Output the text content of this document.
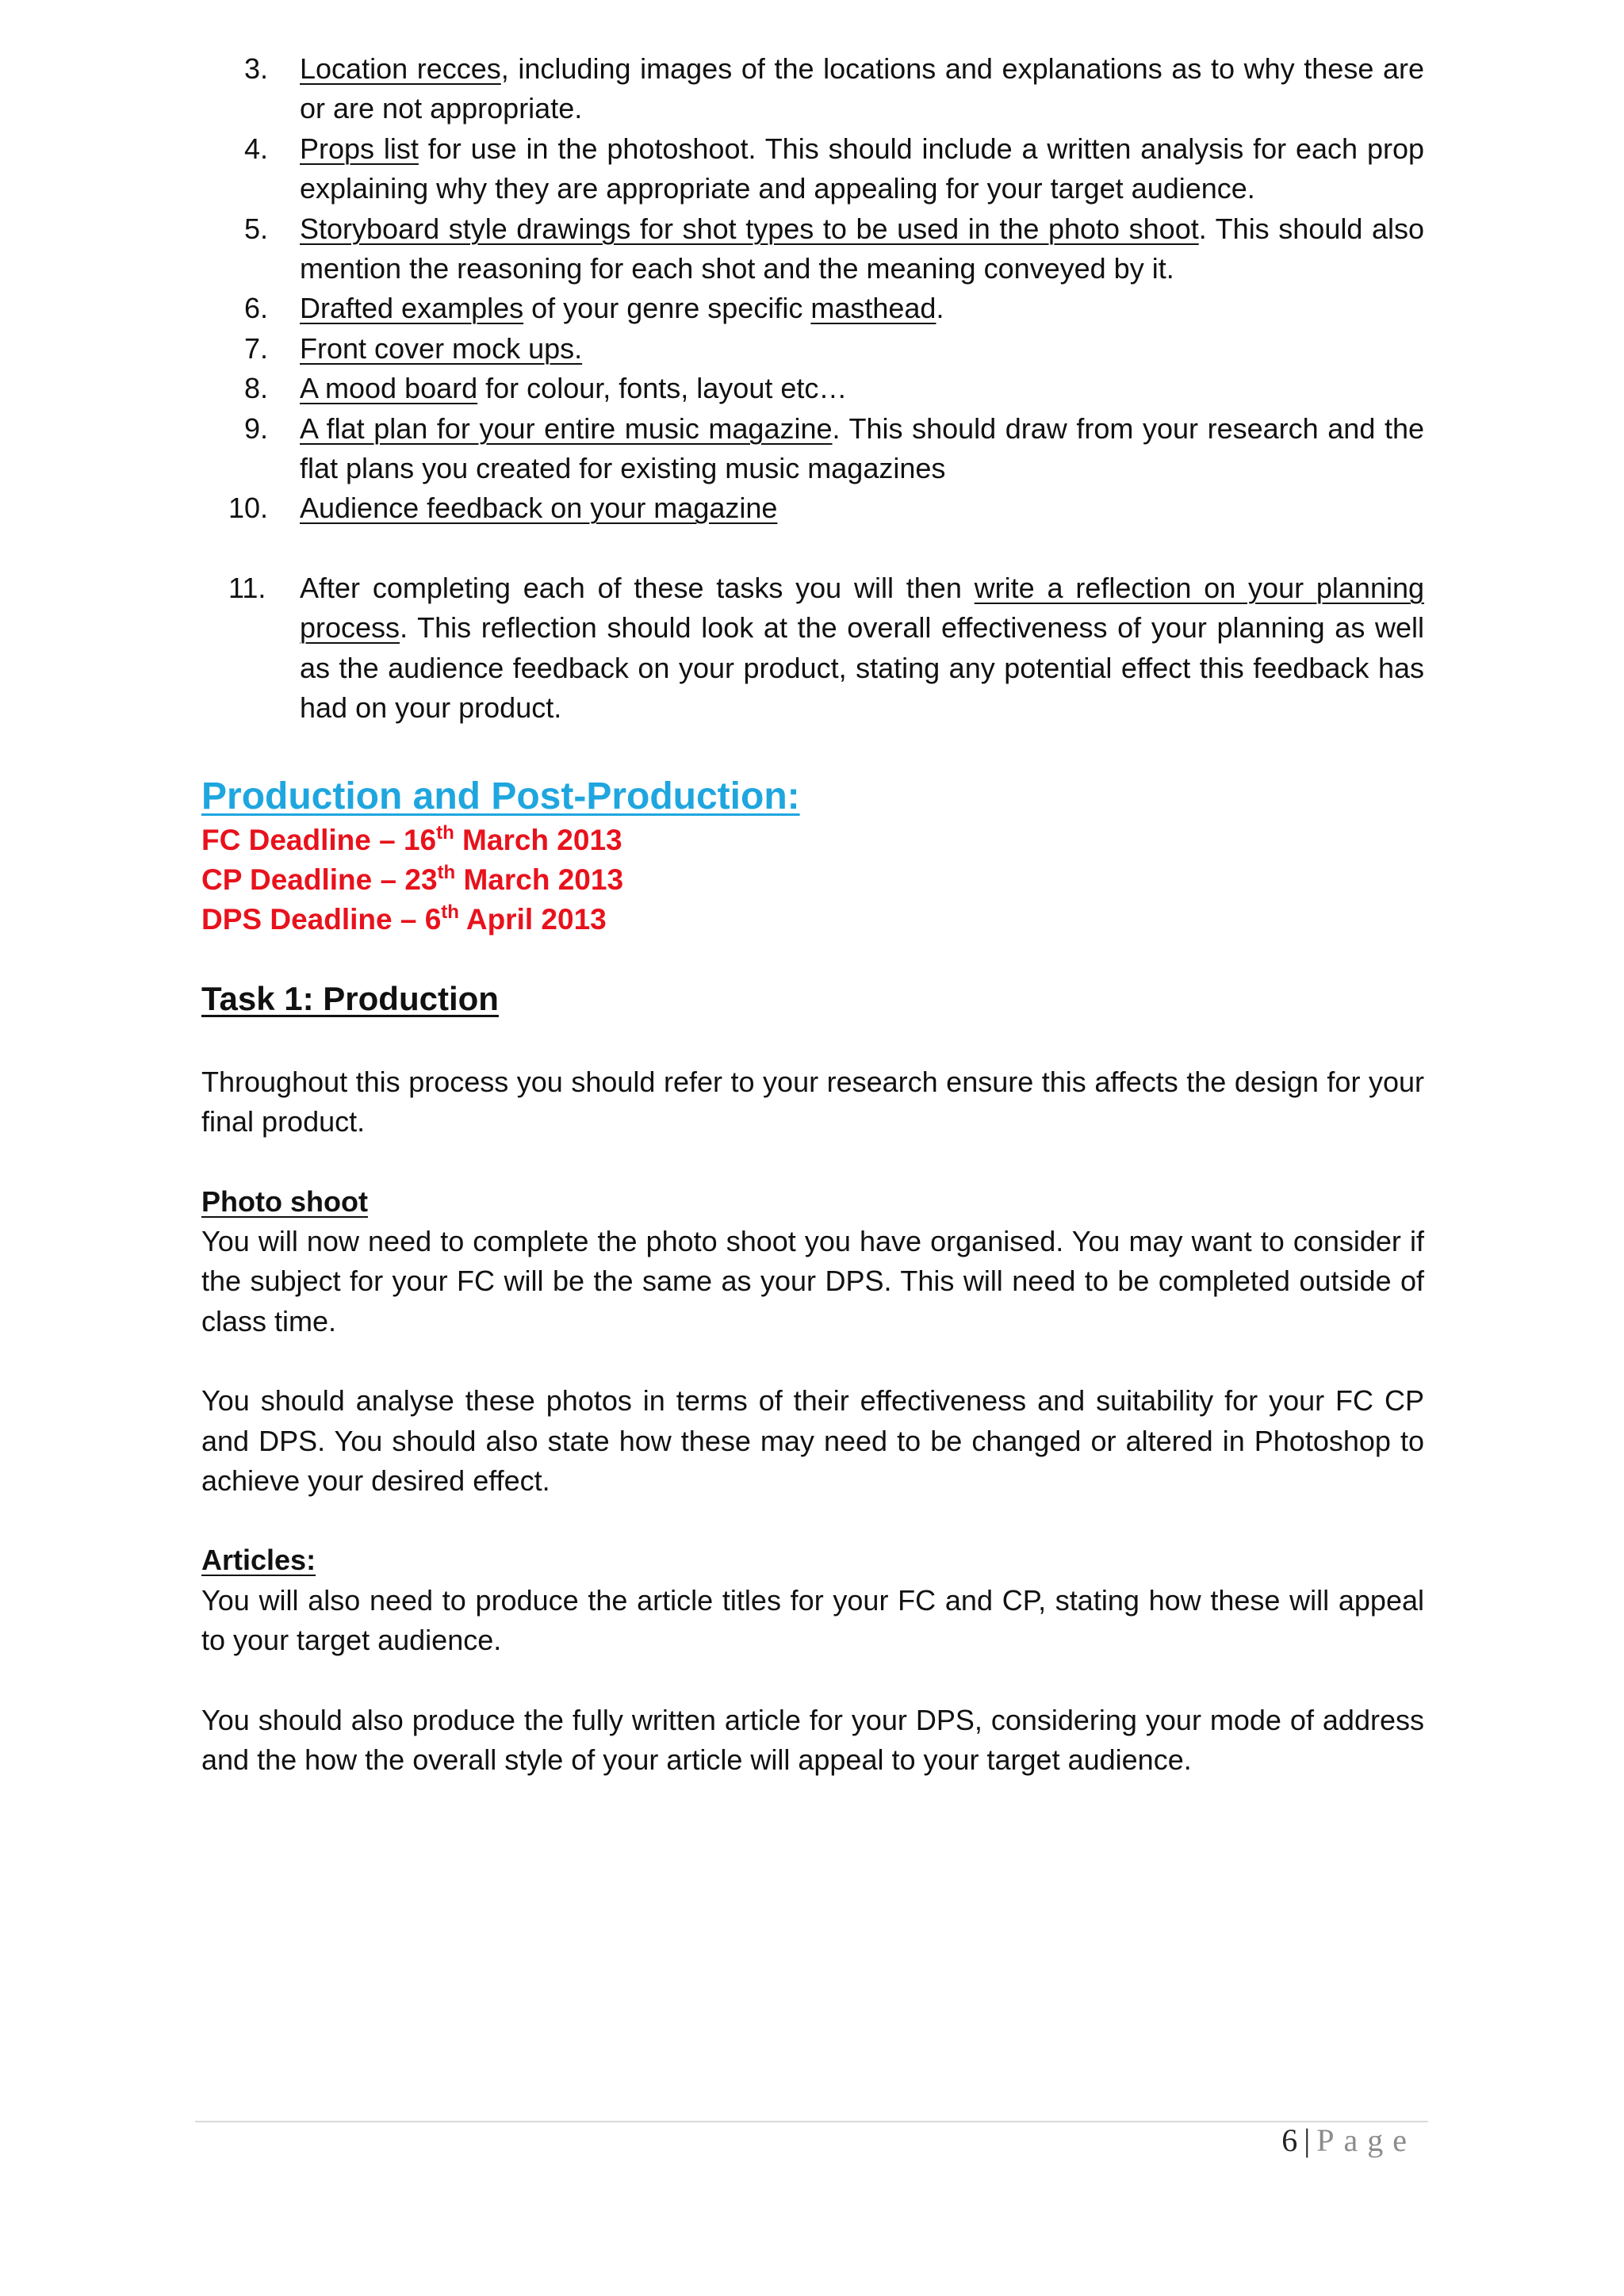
3. Location recces, including images of the locations and explanations as to why these are or are not appropriate.
4. Props list for use in the photoshoot. This should include a written analysis for each prop explaining why they are appropriate and appealing for your target audience.
5. Storyboard style drawings for shot types to be used in the photo shoot. This should also mention the reasoning for each shot and the meaning conveyed by it.
6. Drafted examples of your genre specific masthead.
7. Front cover mock ups.
8. A mood board for colour, fonts, layout etc…
9. A flat plan for your entire music magazine. This should draw from your research and the flat plans you created for existing music magazines
10. Audience feedback on your magazine
11. After completing each of these tasks you will then write a reflection on your planning process. This reflection should look at the overall effectiveness of your planning as well as the audience feedback on your product, stating any potential effect this feedback has had on your product.
Production and Post-Production:
FC Deadline – 16th March 2013
CP Deadline – 23th March 2013
DPS Deadline – 6th April 2013
Task 1: Production

Throughout this process you should refer to your research ensure this affects the design for your final product.

Photo shoot

You will now need to complete the photo shoot you have organised. You may want to consider if the subject for your FC will be the same as your DPS. This will need to be completed outside of class time.

You should analyse these photos in terms of their effectiveness and suitability for your FC CP and DPS. You should also state how these may need to be changed or altered in Photoshop to achieve your desired effect.

Articles:

You will also need to produce the article titles for your FC and CP, stating how these will appeal to your target audience.

You should also produce the fully written article for your DPS, considering your mode of address and the how the overall style of your article will appeal to your target audience.

6 | Page
